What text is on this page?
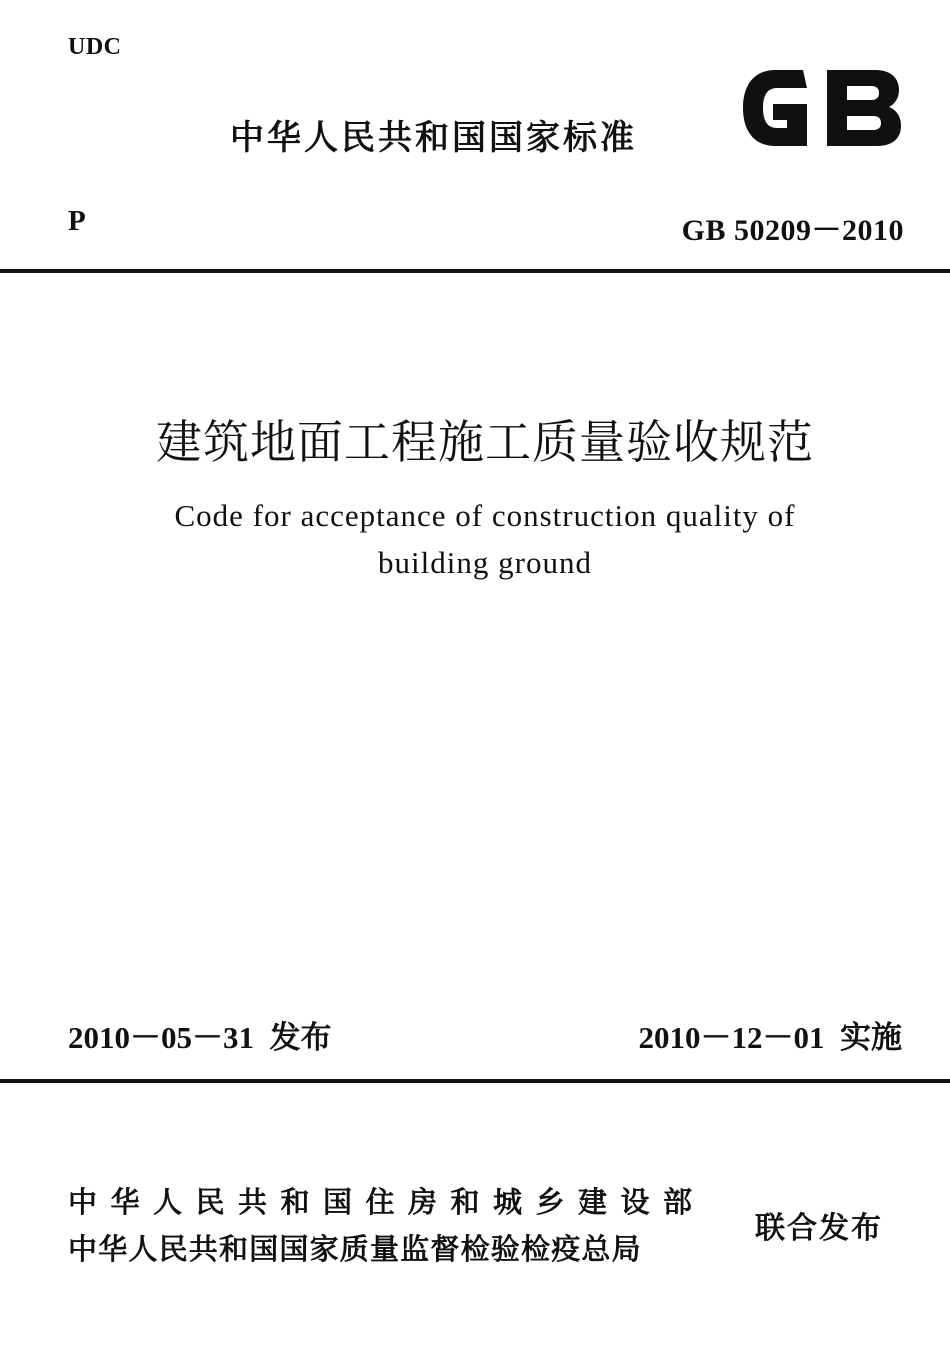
UDC
中华人民共和国国家标准
P	GB 50209－2010
建筑地面工程施工质量验收规范
Code for acceptance of construction quality of
building ground
2010－05－31  发布	2010－12－01  实施
中华人民共和国住房和城乡建设部
中华人民共和国国家质量监督检验检疫总局
联合发布
